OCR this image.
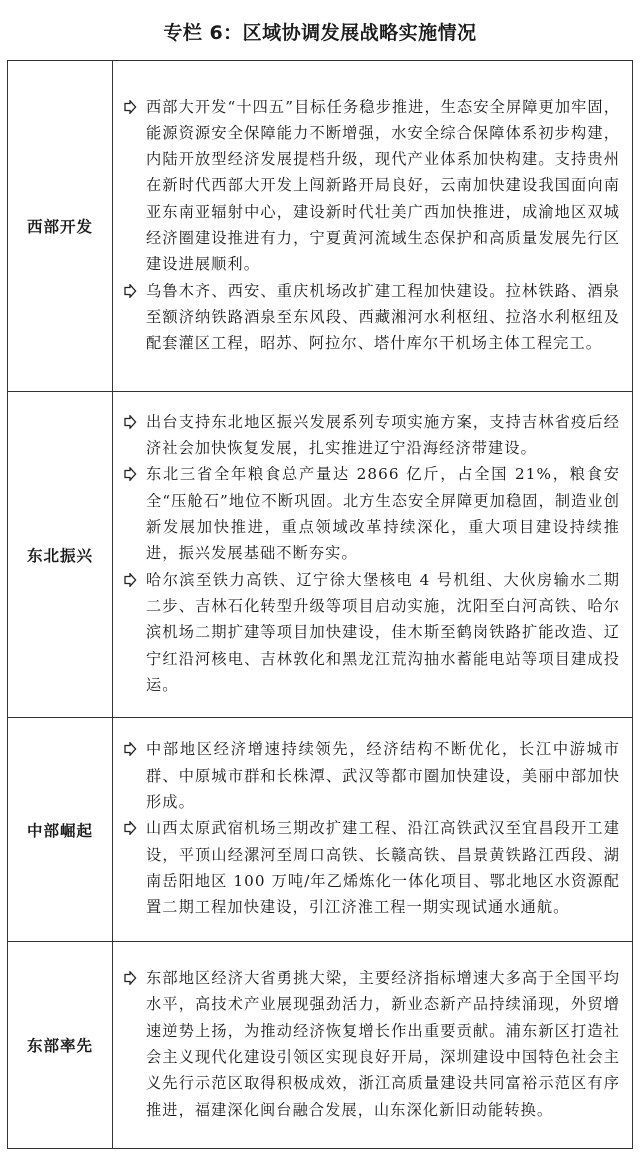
专栏 6：区域协调发展战略实施情况
西部开发	西部大开发“十四五”目标任务稳步推进，生态安全屏障更加牢固，能源资源安全保障能力不断增强，水安全综合保障体系初步构建，内陆开放型经济发展提档升级，现代产业体系加快构建。支持贵州在新时代西部大开发上闯新路开局良好，云南加快建设我国面向南亚东南亚辐射中心，建设新时代壮美广西加快推进，成渝地区双城经济圈建设推进有力，宁夏黄河流域生态保护和高质量发展先行区建设进展顺利。
乌鲁木齐、西安、重庆机场改扩建工程加快建设。拉林铁路、酒泉至额济纳铁路酒泉至东风段、西藏湘河水利枢纽、拉洛水利枢纽及配套灌区工程，昭苏、阿拉尔、塔什库尔干机场主体工程完工。

东北振兴	出台支持东北地区振兴发展系列专项实施方案，支持吉林省疫后经济社会加快恢复发展，扎实推进辽宁沿海经济带建设。
东北三省全年粮食总产量达 2866 亿斤，占全国 21%，粮食安全“压舱石”地位不断巩固。北方生态安全屏障更加稳固，制造业创新发展加快推进，重点领域改革持续深化，重大项目建设持续推进，振兴发展基础不断夯实。
哈尔滨至铁力高铁、辽宁徐大堡核电 4 号机组、大伙房输水二期二步、吉林石化转型升级等项目启动实施，沈阳至白河高铁、哈尔滨机场二期扩建等项目加快建设，佳木斯至鹤岗铁路扩能改造、辽宁红沿河核电、吉林敦化和黑龙江荒沟抽水蓄能电站等项目建成投运。

中部崛起	中部地区经济增速持续领先，经济结构不断优化，长江中游城市群、中原城市群和长株潭、武汉等都市圈加快建设，美丽中部加快形成。
山西太原武宿机场三期改扩建工程、沿江高铁武汉至宜昌段开工建设，平顶山经漯河至周口高铁、长赣高铁、昌景黄铁路江西段、湖南岳阳地区 100 万吨/年乙烯炼化一体化项目、鄂北地区水资源配置二期工程加快建设，引江济淮工程一期实现试通水通航。

东部率先	东部地区经济大省勇挑大梁，主要经济指标增速大多高于全国平均水平，高技术产业展现强劲活力，新业态新产品持续涌现，外贸增速逆势上扬，为推动经济恢复增长作出重要贡献。浦东新区打造社会主义现代化建设引领区实现良好开局，深圳建设中国特色社会主义先行示范区取得积极成效，浙江高质量建设共同富裕示范区有序推进，福建深化闽台融合发展，山东深化新旧动能转换。
